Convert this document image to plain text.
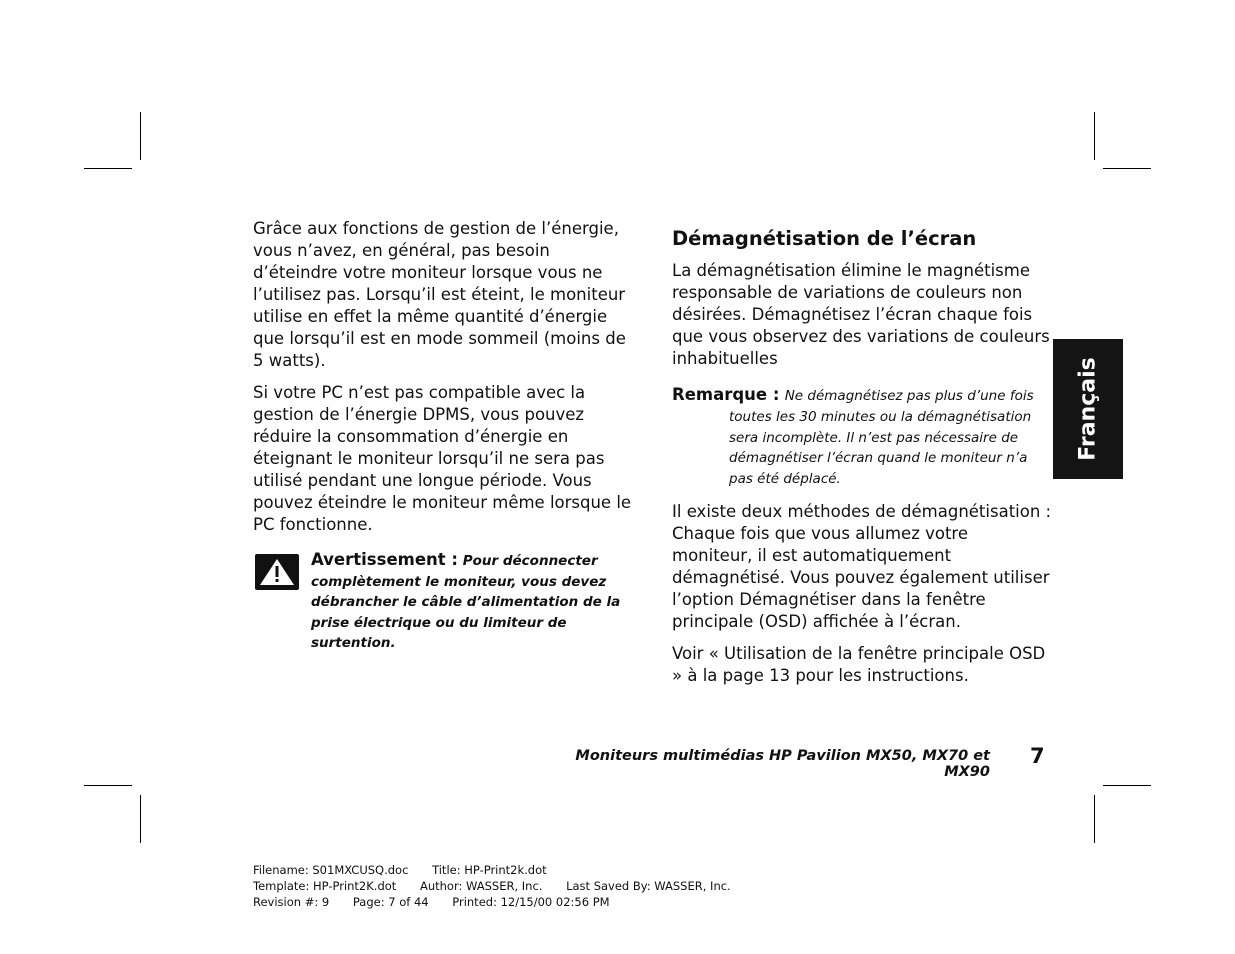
Grâce aux fonctions de gestion de l’énergie, vous n’avez, en général, pas besoin d’éteindre votre moniteur lorsque vous ne l’utilisez pas. Lorsqu’il est éteint, le moniteur utilise en effet la même quantité d’énergie que lorsqu’il est en mode sommeil (moins de 5 watts).

Si votre PC n’est pas compatible avec la gestion de l’énergie DPMS, vous pouvez réduire la consommation d’énergie en éteignant le moniteur lorsqu’il ne sera pas utilisé pendant une longue période. Vous pouvez éteindre le moniteur même lorsque le PC fonctionne.

Avertissement : Pour déconnecter complètement le moniteur, vous devez débrancher le câble d’alimentation de la prise électrique ou du limiteur de surtention.
Démagnétisation de l’écran

La démagnétisation élimine le magnétisme responsable de variations de couleurs non désirées. Démagnétisez l’écran chaque fois que vous observez des variations de couleurs inhabituelles

Remarque : Ne démagnétisez pas plus d’une fois
toutes les 30 minutes ou la démagnétisation sera incomplète. Il n’est pas nécessaire de démagnétiser l’écran quand le moniteur n’a pas été déplacé.

Il existe deux méthodes de démagnétisation : Chaque fois que vous allumez votre moniteur, il est automatiquement démagnétisé. Vous pouvez également utiliser l’option Démagnétiser dans la fenêtre principale (OSD) affichée à l’écran.

Voir « Utilisation de la fenêtre principale OSD » à la page 13 pour les instructions.

Français
Moniteurs multimédias HP Pavilion MX50, MX70 et MX90
7
Filename: S01MXCUSQ.doc Title: HP-Print2k.dot
Template: HP-Print2K.dot Author: WASSER, Inc. Last Saved By: WASSER, Inc.
Revision #: 9 Page: 7 of 44 Printed: 12/15/00 02:56 PM
